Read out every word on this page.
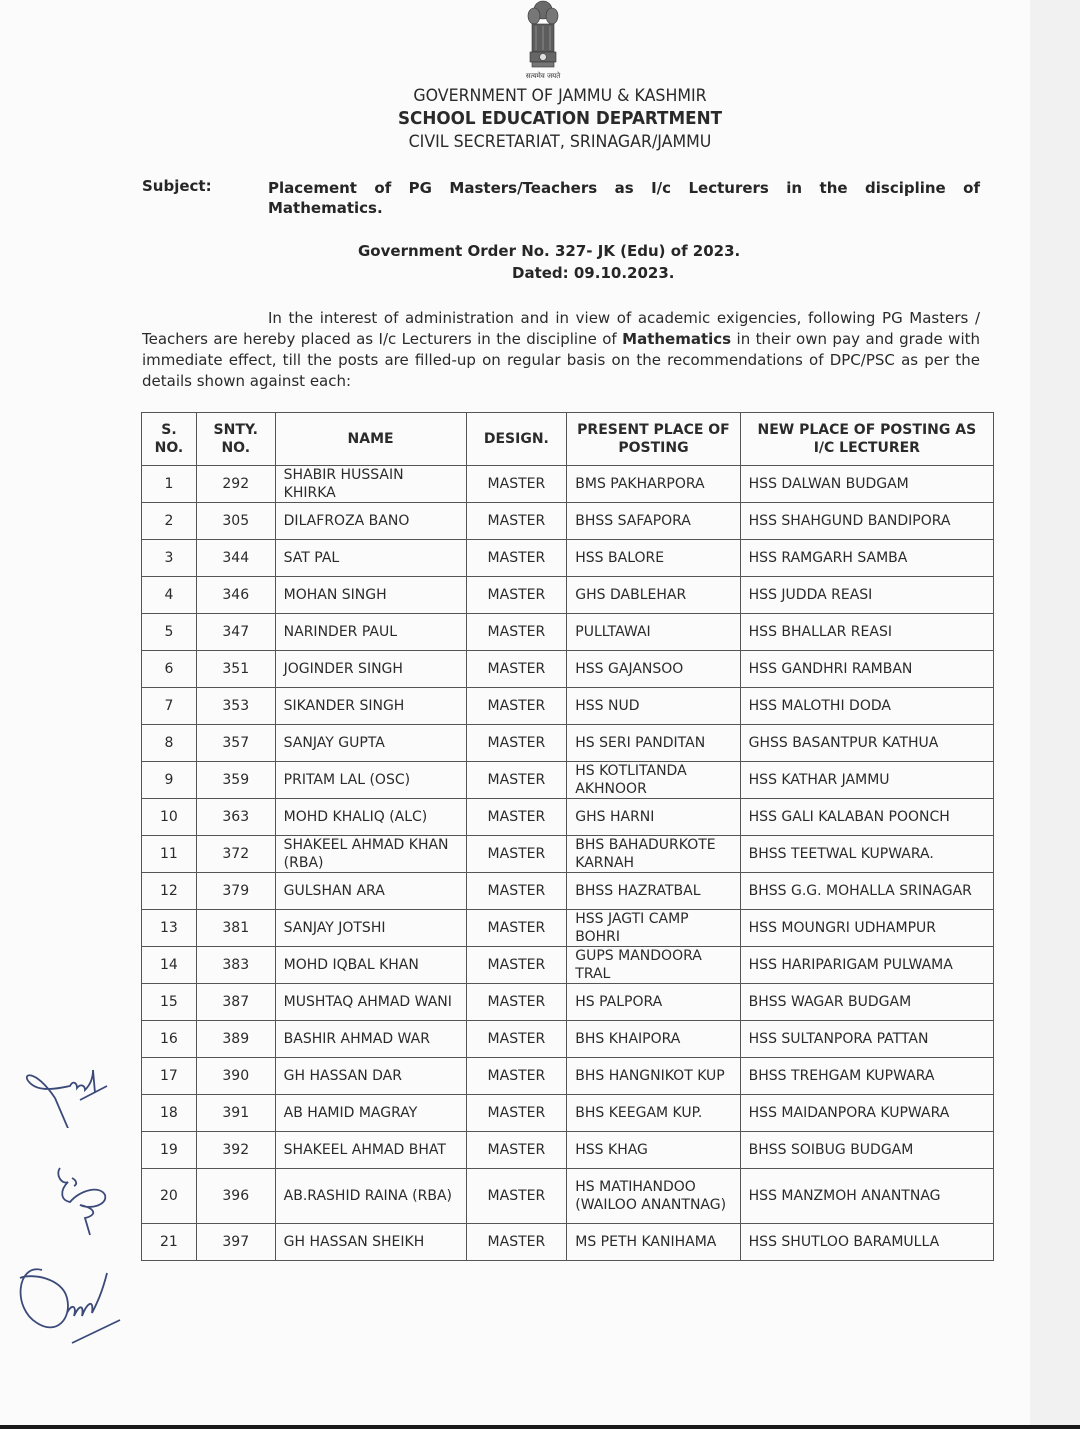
सत्यमेव जयते
GOVERNMENT OF JAMMU & KASHMIR
SCHOOL EDUCATION DEPARTMENT
CIVIL SECRETARIAT, SRINAGAR/JAMMU
Subject:	Placement of PG Masters/Teachers as I/c Lecturers in the discipline of Mathematics.
Government Order No. 327- JK (Edu) of 2023.
Dated: 09.10.2023.
In the interest of administration and in view of academic exigencies, following PG Masters / Teachers are hereby placed as I/c Lecturers in the discipline of Mathematics in their own pay and grade with immediate effect, till the posts are filled-up on regular basis on the recommendations of DPC/PSC as per the details shown against each:
S. NO.	SNTY. NO.	NAME	DESIGN.	PRESENT PLACE OF POSTING	NEW PLACE OF POSTING AS I/C LECTURER
1	292	SHABIR HUSSAIN KHIRKA	MASTER	BMS PAKHARPORA	HSS DALWAN BUDGAM
2	305	DILAFROZA BANO	MASTER	BHSS SAFAPORA	HSS SHAHGUND BANDIPORA
3	344	SAT PAL	MASTER	HSS BALORE	HSS RAMGARH SAMBA
4	346	MOHAN SINGH	MASTER	GHS DABLEHAR	HSS JUDDA REASI
5	347	NARINDER PAUL	MASTER	PULLTAWAI	HSS BHALLAR REASI
6	351	JOGINDER SINGH	MASTER	HSS GAJANSOO	HSS GANDHRI RAMBAN
7	353	SIKANDER SINGH	MASTER	HSS NUD	HSS MALOTHI DODA
8	357	SANJAY GUPTA	MASTER	HS SERI PANDITAN	GHSS BASANTPUR KATHUA
9	359	PRITAM LAL (OSC)	MASTER	HS KOTLITANDA AKHNOOR	HSS KATHAR JAMMU
10	363	MOHD KHALIQ (ALC)	MASTER	GHS HARNI	HSS GALI KALABAN POONCH
11	372	SHAKEEL AHMAD KHAN (RBA)	MASTER	BHS BAHADURKOTE KARNAH	BHSS TEETWAL KUPWARA.
12	379	GULSHAN ARA	MASTER	BHSS HAZRATBAL	BHSS G.G. MOHALLA SRINAGAR
13	381	SANJAY JOTSHI	MASTER	HSS JAGTI CAMP BOHRI	HSS MOUNGRI UDHAMPUR
14	383	MOHD IQBAL KHAN	MASTER	GUPS MANDOORA TRAL	HSS HARIPARIGAM PULWAMA
15	387	MUSHTAQ AHMAD WANI	MASTER	HS PALPORA	BHSS WAGAR BUDGAM
16	389	BASHIR AHMAD WAR	MASTER	BHS KHAIPORA	HSS SULTANPORA PATTAN
17	390	GH HASSAN DAR	MASTER	BHS HANGNIKOT KUP	BHSS TREHGAM KUPWARA
18	391	AB HAMID MAGRAY	MASTER	BHS KEEGAM KUP.	HSS MAIDANPORA KUPWARA
19	392	SHAKEEL AHMAD BHAT	MASTER	HSS KHAG	BHSS SOIBUG BUDGAM
20	396	AB.RASHID RAINA (RBA)	MASTER	HS MATIHANDOO (WAILOO ANANTNAG)	HSS MANZMOH ANANTNAG
21	397	GH HASSAN SHEIKH	MASTER	MS PETH KANIHAMA	HSS SHUTLOO BARAMULLA
